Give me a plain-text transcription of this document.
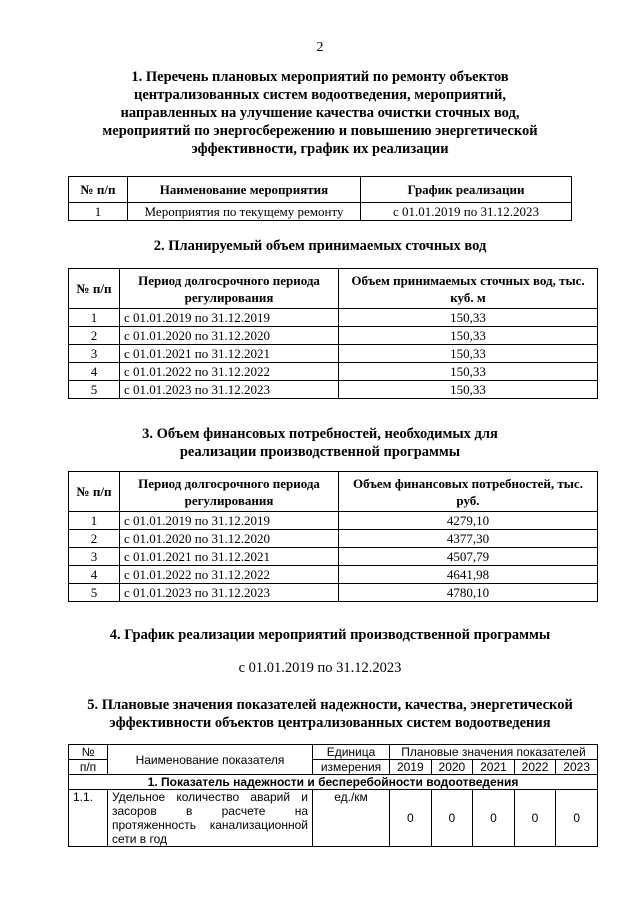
2
1. Перечень плановых мероприятий по ремонту объектов
централизованных систем водоотведения, мероприятий,
направленных на улучшение качества очистки сточных вод,
мероприятий по энергосбережению и повышению энергетической
эффективности, график их реализации
№ п/п	Наименование мероприятия	График реализации
1	Мероприятия по текущему ремонту	с 01.01.2019 по 31.12.2023
2. Планируемый объем принимаемых сточных вод
№ п/п	Период долгосрочного периода регулирования	Объем принимаемых сточных вод, тыс. куб. м
1	с 01.01.2019 по 31.12.2019	150,33
2	с 01.01.2020 по 31.12.2020	150,33
3	с 01.01.2021 по 31.12.2021	150,33
4	с 01.01.2022 по 31.12.2022	150,33
5	с 01.01.2023 по 31.12.2023	150,33
3. Объем финансовых потребностей, необходимых для
реализации производственной программы
№ п/п	Период долгосрочного периода регулирования	Объем финансовых потребностей, тыс. руб.
1	с 01.01.2019 по 31.12.2019	4279,10
2	с 01.01.2020 по 31.12.2020	4377,30
3	с 01.01.2021 по 31.12.2021	4507,79
4	с 01.01.2022 по 31.12.2022	4641,98
5	с 01.01.2023 по 31.12.2023	4780,10
4. График реализации мероприятий производственной программы
с 01.01.2019 по 31.12.2023
5. Плановые значения показателей надежности, качества, энергетической
эффективности объектов централизованных систем водоотведения
№	Наименование показателя	Единица	Плановые значения показателей				
п/п		измерения	2019	2020	2021	2022	2023
1. Показатель надежности и бесперебойности водоотведения							
1.1.	Удельное количество аварий и
засоров в расчете на
протяженность канализационной
сети в год	ед./км	0	0	0	0	0
